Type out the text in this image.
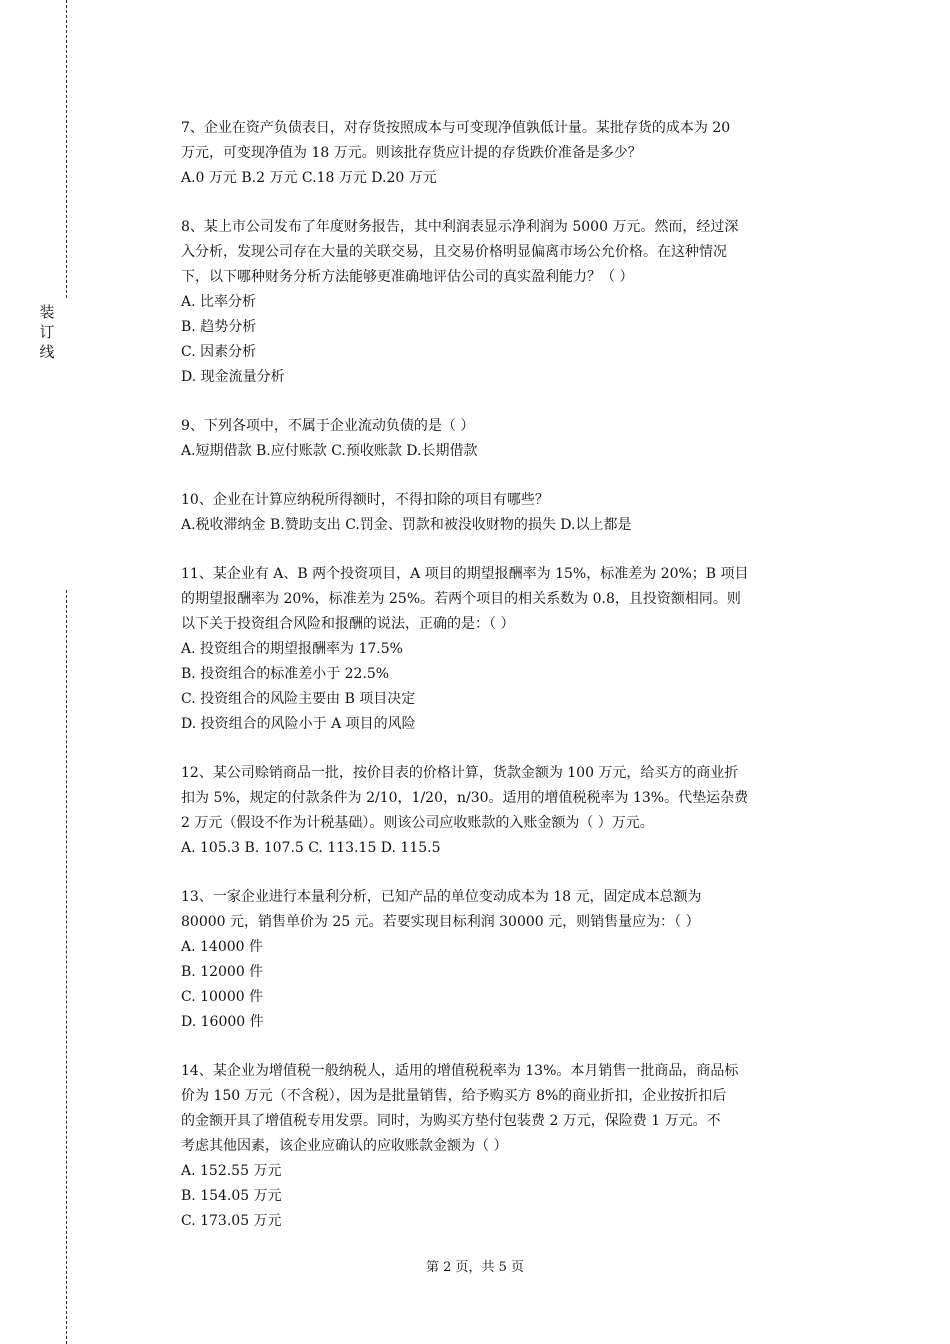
装
订
线
7、企业在资产负债表日，对存货按照成本与可变现净值孰低计量。某批存货的成本为 20
万元，可变现净值为 18 万元。则该批存货应计提的存货跌价准备是多少？
A.0 万元 B.2 万元 C.18 万元 D.20 万元
8、某上市公司发布了年度财务报告，其中利润表显示净利润为 5000 万元。然而，经过深
入分析，发现公司存在大量的关联交易，且交易价格明显偏离市场公允价格。在这种情况
下，以下哪种财务分析方法能够更准确地评估公司的真实盈利能力？（ ）
A. 比率分析
B. 趋势分析
C. 因素分析
D. 现金流量分析
9、下列各项中，不属于企业流动负债的是（ ）
A.短期借款 B.应付账款 C.预收账款 D.长期借款
10、企业在计算应纳税所得额时，不得扣除的项目有哪些？
A.税收滞纳金 B.赞助支出 C.罚金、罚款和被没收财物的损失 D.以上都是
11、某企业有 A、B 两个投资项目，A 项目的期望报酬率为 15%，标准差为 20%；B 项目
的期望报酬率为 20%，标准差为 25%。若两个项目的相关系数为 0.8，且投资额相同。则
以下关于投资组合风险和报酬的说法，正确的是：（ ）
A. 投资组合的期望报酬率为 17.5%
B. 投资组合的标准差小于 22.5%
C. 投资组合的风险主要由 B 项目决定
D. 投资组合的风险小于 A 项目的风险
12、某公司赊销商品一批，按价目表的价格计算，货款金额为 100 万元，给买方的商业折
扣为 5%，规定的付款条件为 2/10，1/20，n/30。适用的增值税税率为 13%。代垫运杂费
2 万元（假设不作为计税基础）。则该公司应收账款的入账金额为（ ）万元。
A. 105.3 B. 107.5 C. 113.15 D. 115.5
13、一家企业进行本量利分析，已知产品的单位变动成本为 18 元，固定成本总额为
80000 元，销售单价为 25 元。若要实现目标利润 30000 元，则销售量应为：（ ）
A. 14000 件
B. 12000 件
C. 10000 件
D. 16000 件
14、某企业为增值税一般纳税人，适用的增值税税率为 13%。本月销售一批商品，商品标
价为 150 万元（不含税），因为是批量销售，给予购买方 8%的商业折扣，企业按折扣后
的金额开具了增值税专用发票。同时，为购买方垫付包装费 2 万元，保险费 1 万元。不
考虑其他因素，该企业应确认的应收账款金额为（ ）
A. 152.55 万元
B. 154.05 万元
C. 173.05 万元
第 2 页，共 5 页
